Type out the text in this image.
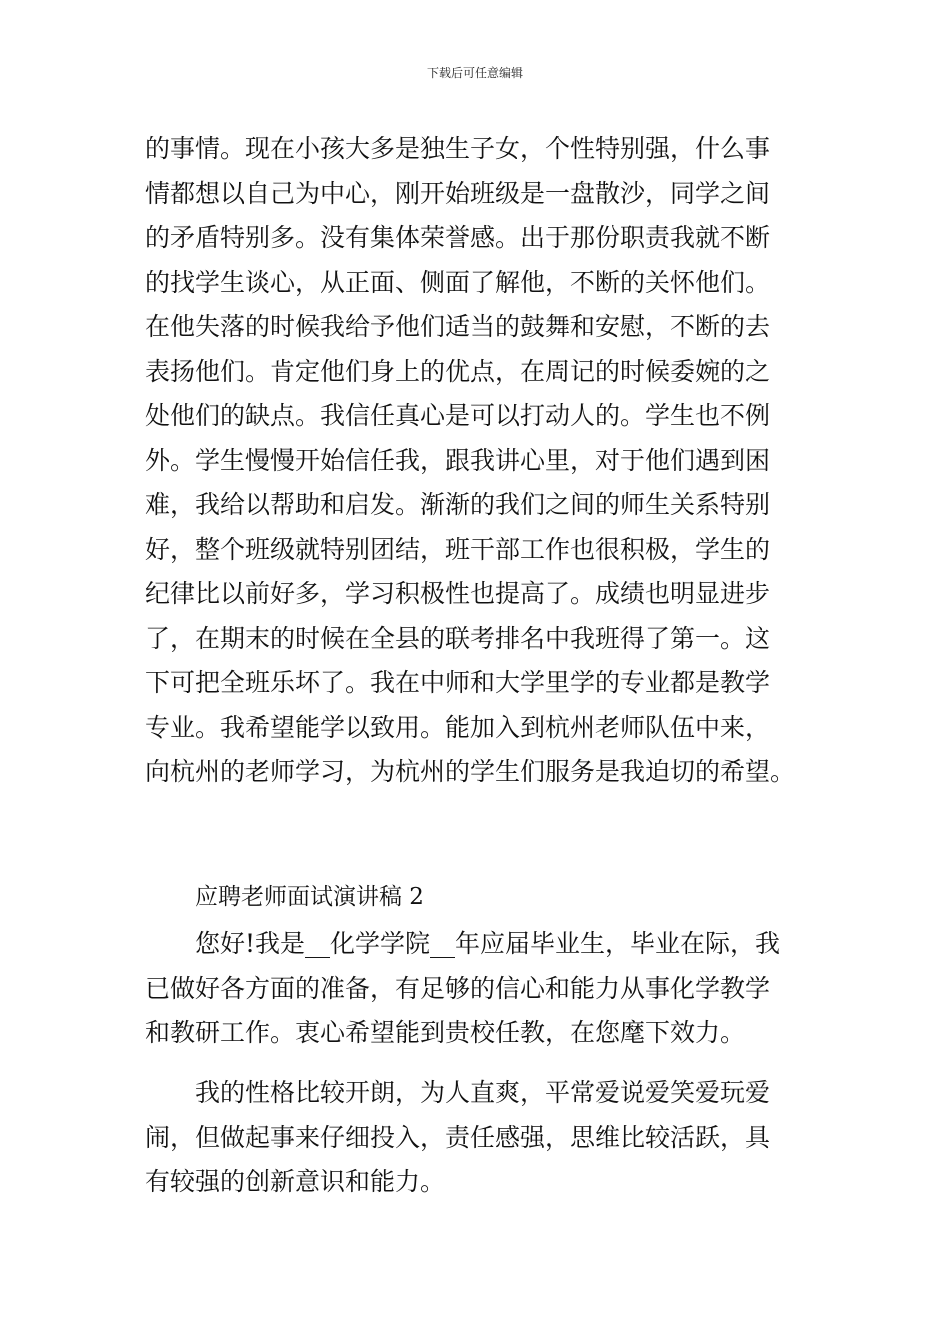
下载后可任意编辑
的事情。现在小孩大多是独生子女，个性特别强，什么事
情都想以自己为中心，刚开始班级是一盘散沙，同学之间
的矛盾特别多。没有集体荣誉感。出于那份职责我就不断
的找学生谈心，从正面、侧面了解他，不断的关怀他们。
在他失落的时候我给予他们适当的鼓舞和安慰，不断的去
表扬他们。肯定他们身上的优点，在周记的时候委婉的之
处他们的缺点。我信任真心是可以打动人的。学生也不例
外。学生慢慢开始信任我，跟我讲心里，对于他们遇到困
难，我给以帮助和启发。渐渐的我们之间的师生关系特别
好，整个班级就特别团结，班干部工作也很积极，学生的
纪律比以前好多，学习积极性也提高了。成绩也明显进步
了，在期末的时候在全县的联考排名中我班得了第一。这
下可把全班乐坏了。我在中师和大学里学的专业都是教学
专业。我希望能学以致用。能加入到杭州老师队伍中来，
向杭州的老师学习，为杭州的学生们服务是我迫切的希望。
应聘老师面试演讲稿 2
您好!我是__化学学院__年应届毕业生，毕业在际，我
已做好各方面的准备，有足够的信心和能力从事化学教学
和教研工作。衷心希望能到贵校任教，在您麾下效力。
我的性格比较开朗，为人直爽，平常爱说爱笑爱玩爱
闹，但做起事来仔细投入，责任感强，思维比较活跃，具
有较强的创新意识和能力。
